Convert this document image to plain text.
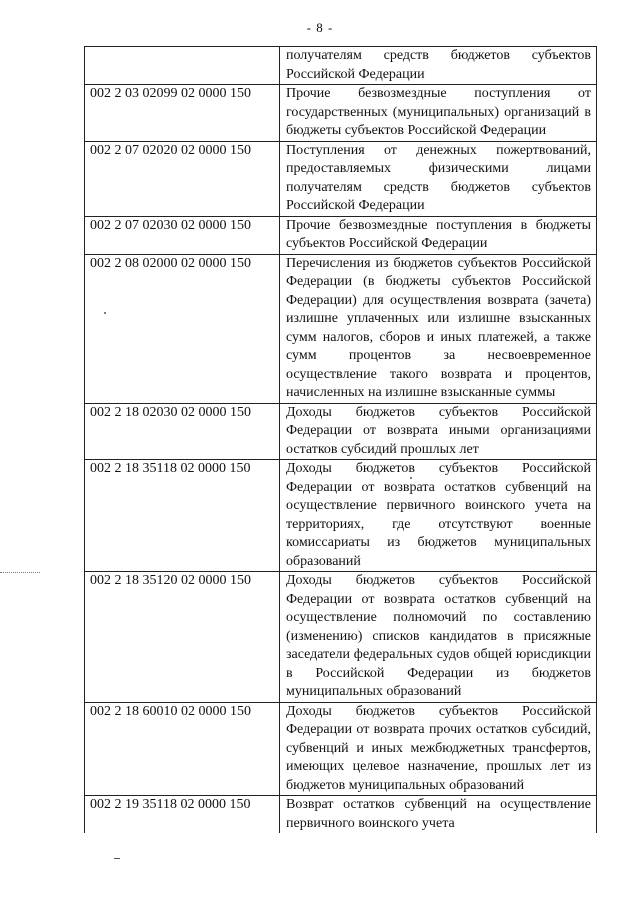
- 8 -
	получателям средств бюджетов субъектов Российской Федерации
002 2 03 02099 02 0000 150	Прочие безвозмездные поступления от государственных (муниципальных) организаций в бюджеты субъектов Российской Федерации
002 2 07 02020 02 0000 150	Поступления от денежных пожертвований, предоставляемых физическими лицами получателям средств бюджетов субъектов Российской Федерации
002 2 07 02030 02 0000 150	Прочие безвозмездные поступления в бюджеты субъектов Российской Федерации
002 2 08 02000 02 0000 150	Перечисления из бюджетов субъектов Российской Федерации (в бюджеты субъектов Российской Федерации) для осуществления возврата (зачета) излишне уплаченных или излишне взысканных сумм налогов, сборов и иных платежей, а также сумм процентов за несвоевременное осуществление такого возврата и процентов, начисленных на излишне взысканные суммы
002 2 18 02030 02 0000 150	Доходы бюджетов субъектов Российской Федерации от возврата иными организациями остатков субсидий прошлых лет
002 2 18 35118 02 0000 150	Доходы бюджетов субъектов Российской Федерации от возврата остатков субвенций на осуществление первичного воинского учета на территориях, где отсутствуют военные комиссариаты из бюджетов муниципальных образований
002 2 18 35120 02 0000 150	Доходы бюджетов субъектов Российской Федерации от возврата остатков субвенций на осуществление полномочий по составлению (изменению) списков кандидатов в присяжные заседатели федеральных судов общей юрисдикции в Российской Федерации из бюджетов муниципальных образований
002 2 18 60010 02 0000 150	Доходы бюджетов субъектов Российской Федерации от возврата прочих остатков субсидий, субвенций и иных межбюджетных трансфертов, имеющих целевое назначение, прошлых лет из бюджетов муниципальных образований
002 2 19 35118 02 0000 150	Возврат остатков субвенций на осуществление первичного воинского учета
